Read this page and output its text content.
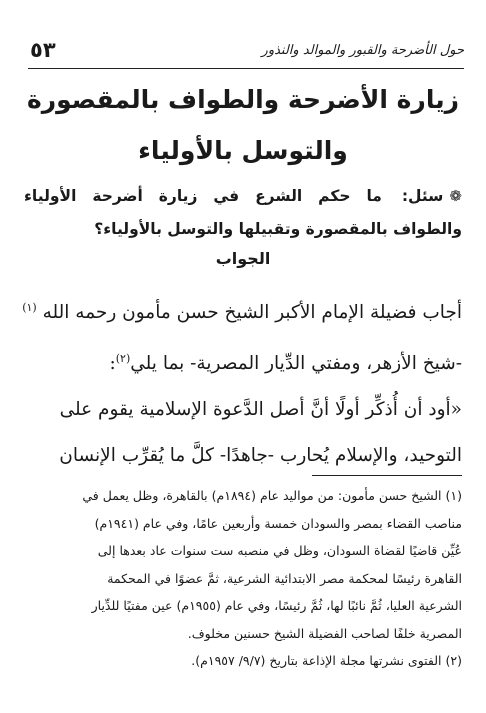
حول الأضرحة والقبور والموالد والنذور
٥٣
زيارة الأضرحة والطواف بالمقصورة
والتوسل بالأولياء
❁سئل: ما حكم الشرع في زيارة أضرحة الأولياء والطواف بالمقصورة وتقبيلها والتوسل بالأولياء؟
الجواب

أجاب فضيلة الإمام الأكبر الشيخ حسن مأمون رحمه الله $^{(١)}$

-شيخ الأزهر، ومفتي الدِّيار المصرية- بما يلي$^{(٢)}$:

«أود أن أُذكِّر أولًا أنَّ أصل الدَّعوة الإسلامية يقوم على

التوحيد، والإسلام يُحارب -جاهدًا- كلَّ ما يُقرِّب الإنسان

(١) الشيخ حسن مأمون: من مواليد عام (١٨٩٤م) بالقاهرة، وظل يعمل في

مناصب القضاء بمصر والسودان خمسة وأربعين عامًا، وفي عام (١٩٤١م)

عُيِّن قاضيًا لقضاة السودان، وظل في منصبه ست سنوات عاد بعدها إلى

القاهرة رئيسًا لمحكمة مصر الابتدائية الشرعية، ثمَّ عضوًا في المحكمة

الشرعية العليا، ثُمَّ نائبًا لها، ثُمَّ رئيسًا، وفي عام (١٩٥٥م) عين مفتيًا للدِّيار

المصرية خلفًا لصاحب الفضيلة الشيخ حسنين مخلوف.

(٢) الفتوى نشرتها مجلة الإذاعة بتاريخ (٩/٧/ ١٩٥٧م).
